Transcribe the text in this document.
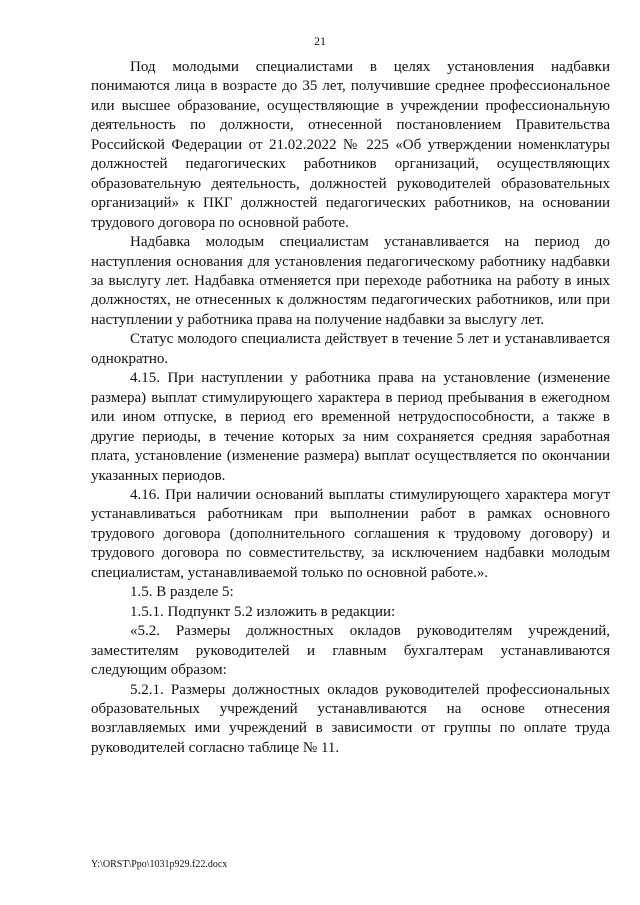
21

Под молодыми специалистами в целях установления надбавки понимаются лица в возрасте до 35 лет, получившие среднее профессиональное или высшее образование, осуществляющие в учреждении профессиональную деятельность по должности, отнесенной постановлением Правительства Российской Федерации от 21.02.2022 № 225 «Об утверждении номенклатуры должностей педагогических работников организаций, осуществляющих образовательную деятельность, должностей руководителей образовательных организаций» к ПКГ должностей педагогических работников, на основании трудового договора по основной работе.

Надбавка молодым специалистам устанавливается на период до наступления основания для установления педагогическому работнику надбавки за выслугу лет. Надбавка отменяется при переходе работника на работу в иных должностях, не отнесенных к должностям педагогических работников, или при наступлении у работника права на получение надбавки за выслугу лет.

Статус молодого специалиста действует в течение 5 лет и устанавливается однократно.

4.15. При наступлении у работника права на установление (изменение размера) выплат стимулирующего характера в период пребывания в ежегодном или ином отпуске, в период его временной нетрудоспособности, а также в другие периоды, в течение которых за ним сохраняется средняя заработная плата, установление (изменение размера) выплат осуществляется по окончании указанных периодов.

4.16. При наличии оснований выплаты стимулирующего характера могут устанавливаться работникам при выполнении работ в рамках основного трудового договора (дополнительного соглашения к трудовому договору) и трудового договора по совместительству, за исключением надбавки молодым специалистам, устанавливаемой только по основной работе.».

1.5. В разделе 5:

1.5.1. Подпункт 5.2 изложить в редакции:

«5.2. Размеры должностных окладов руководителям учреждений, заместителям руководителей и главным бухгалтерам устанавливаются следующим образом:

5.2.1. Размеры должностных окладов руководителей профессиональных образовательных учреждений устанавливаются на основе отнесения возглавляемых ими учреждений в зависимости от группы по оплате труда руководителей согласно таблице № 11.

Y:\ORST\Ppo\1031p929.f22.docx
